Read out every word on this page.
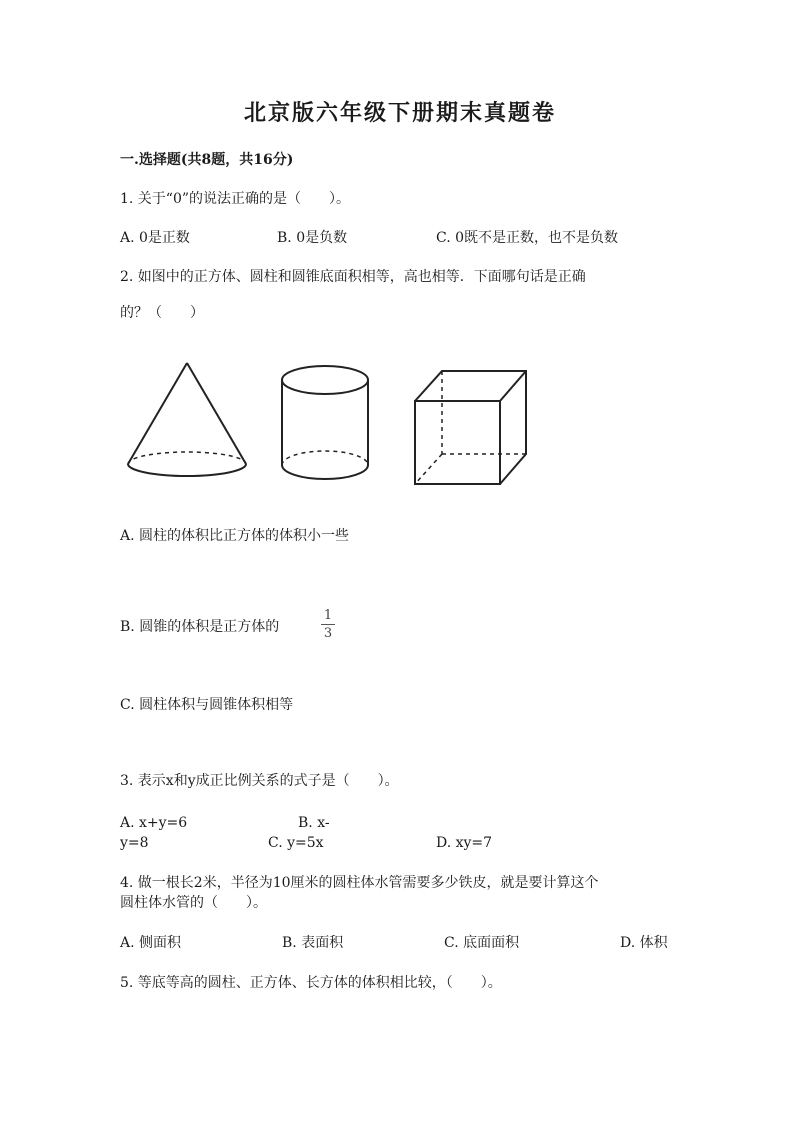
北京版六年级下册期末真题卷
一.选择题(共8题，共16分)
1. 关于“0”的说法正确的是（　　）。
A. 0是正数	B. 0是负数	C. 0既不是正数，也不是负数
2. 如图中的正方体、圆柱和圆锥底面积相等，高也相等．下面哪句话是正确
的？（　　）
A. 圆柱的体积比正方体的体积小一些
B. 圆锥的体积是正方体的
1
3
C. 圆柱体积与圆锥体积相等
3. 表示x和y成正比例关系的式子是（　　）。
A. x+y=6	B. x-
y=8	C. y=5x	D. xy=7
4. 做一根长2米，半径为10厘米的圆柱体水管需要多少铁皮，就是要计算这个
圆柱体水管的（　　）。
A. 侧面积	B. 表面积	C. 底面面积	D. 体积
5. 等底等高的圆柱、正方体、长方体的体积相比较，（　　）。
